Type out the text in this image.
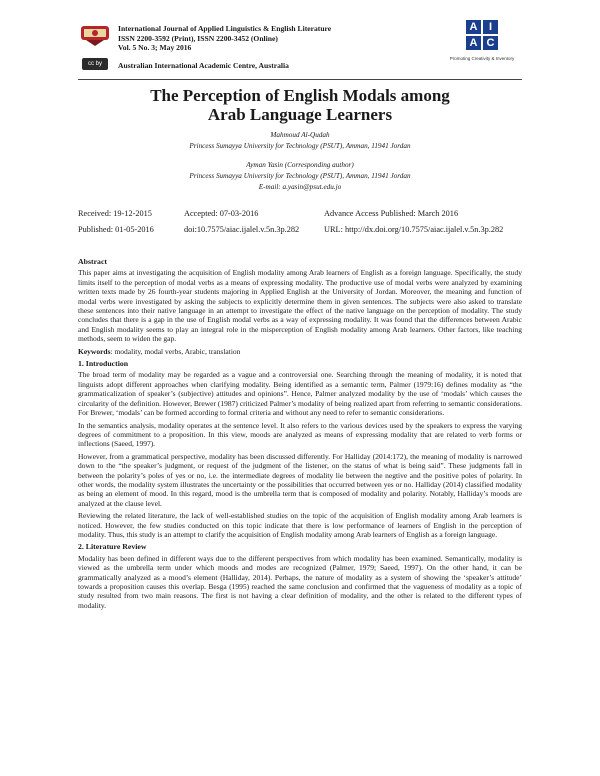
cc by
International Journal of Applied Linguistics & English Literature
ISSN 2200-3592 (Print), ISSN 2200-3452 (Online)
Vol. 5 No. 3; May 2016
Australian International Academic Centre, Australia
A	I
A C
Promoting Creativity & Inventory
The Perception of English Modals among
Arab Language Learners
Mahmoud Al-Qudah
Princess Sumayya University for Technology (PSUT), Amman, 11941 Jordan
Ayman Yasin (Corresponding author)
Princess Sumayya University for Technology (PSUT), Amman, 11941 Jordan
E-mail: a.yasin@psut.edu.jo
Received: 19-12-2015	Accepted: 07-03-2016	Advance Access Published: March 2016
Published: 01-05-2016	doi:10.7575/aiac.ijalel.v.5n.3p.282	URL: http://dx.doi.org/10.7575/aiac.ijalel.v.5n.3p.282
Abstract

This paper aims at investigating the acquisition of English modality among Arab learners of English as a foreign language. Specifically, the study limits itself to the perception of modal verbs as a means of expressing modality. The productive use of modal verbs were analyzed by examining written texts made by 26 fourth-year students majoring in Applied English at the University of Jordan. Moreover, the meaning and function of modal verbs were investigated by asking the subjects to explicitly determine them in given sentences. The subjects were also asked to translate these sentences into their native language in an attempt to investigate the effect of the native language on the perception of modality. The study concludes that there is a gap in the use of English modal verbs as a way of expressing modality. It was found that the differences between Arabic and English modality seems to play an integral role in the misperception of English modality among Arab learners. Other factors, like teaching methods, seem to widen the gap.

Keywords: modality, modal verbs, Arabic, translation

1. Introduction

The broad term of modality may be regarded as a vague and a controversial one. Searching through the meaning of modality, it is noted that linguists adopt different approaches when clarifying modality. Being identified as a semantic term, Palmer (1979:16) defines modality as “the grammaticalization of speaker’s (subjective) attitudes and opinions”. Hence, Palmer analyzed modality by the use of ‘modals’ which causes the circularity of the definition. However, Brewer (1987) criticized Palmer’s modality of being realized apart from referring to semantic considerations. For Brewer, ‘modals’ can be formed according to formal criteria and without any need to refer to semantic considerations.

In the semantics analysis, modality operates at the sentence level. It also refers to the various devices used by the speakers to express the varying degrees of commitment to a proposition. In this view, moods are analyzed as means of expressing modality that are related to verb forms or inflections (Saeed, 1997).

However, from a grammatical perspective, modality has been discussed differently. For Halliday (2014:172), the meaning of modality is narrowed down to the “the speaker’s judgment, or request of the judgment of the listener, on the status of what is being said”. These judgments fall in between the polarity’s poles of yes or no, i.e. the intermediate degrees of modality lie between the negtive and the positive poles of polarity. In other words, the modality system illustrates the uncertainty or the possibilities that occurred between yes or no. Halliday (2014) classified modality as being an element of mood. In this regard, mood is the umbrella term that is composed of modality and polarity. Notably, Halliday’s moods are analyzed at the clause level.

Reviewing the related literature, the lack of well-established studies on the topic of the acquisition of English modality among Arab learners is noticed. However, the few studies conducted on this topic indicate that there is low performance of learners of English in the perception of modality. Thus, this study is an attempt to clarify the acquisition of English modality among Arab learners of English as a foreign language.

2. Literature Review

Modality has been defined in different ways due to the different perspectives from which modality has been examined. Semantically, modality is viewed as the umbrella term under which moods and modes are recognized (Palmer, 1979; Saeed, 1997). On the other hand, it can be grammatically analyzed as a mood’s element (Halliday, 2014). Perhaps, the nature of modality as a system of showing the ‘speaker’s attitude’ towards a proposition causes this overlap. Besga (1995) reached the same conclusion and confirmed that the vagueness of modality as a topic of study resulted from two main reasons. The first is not having a clear definition of modality, and the other is related to the different types of modality.
